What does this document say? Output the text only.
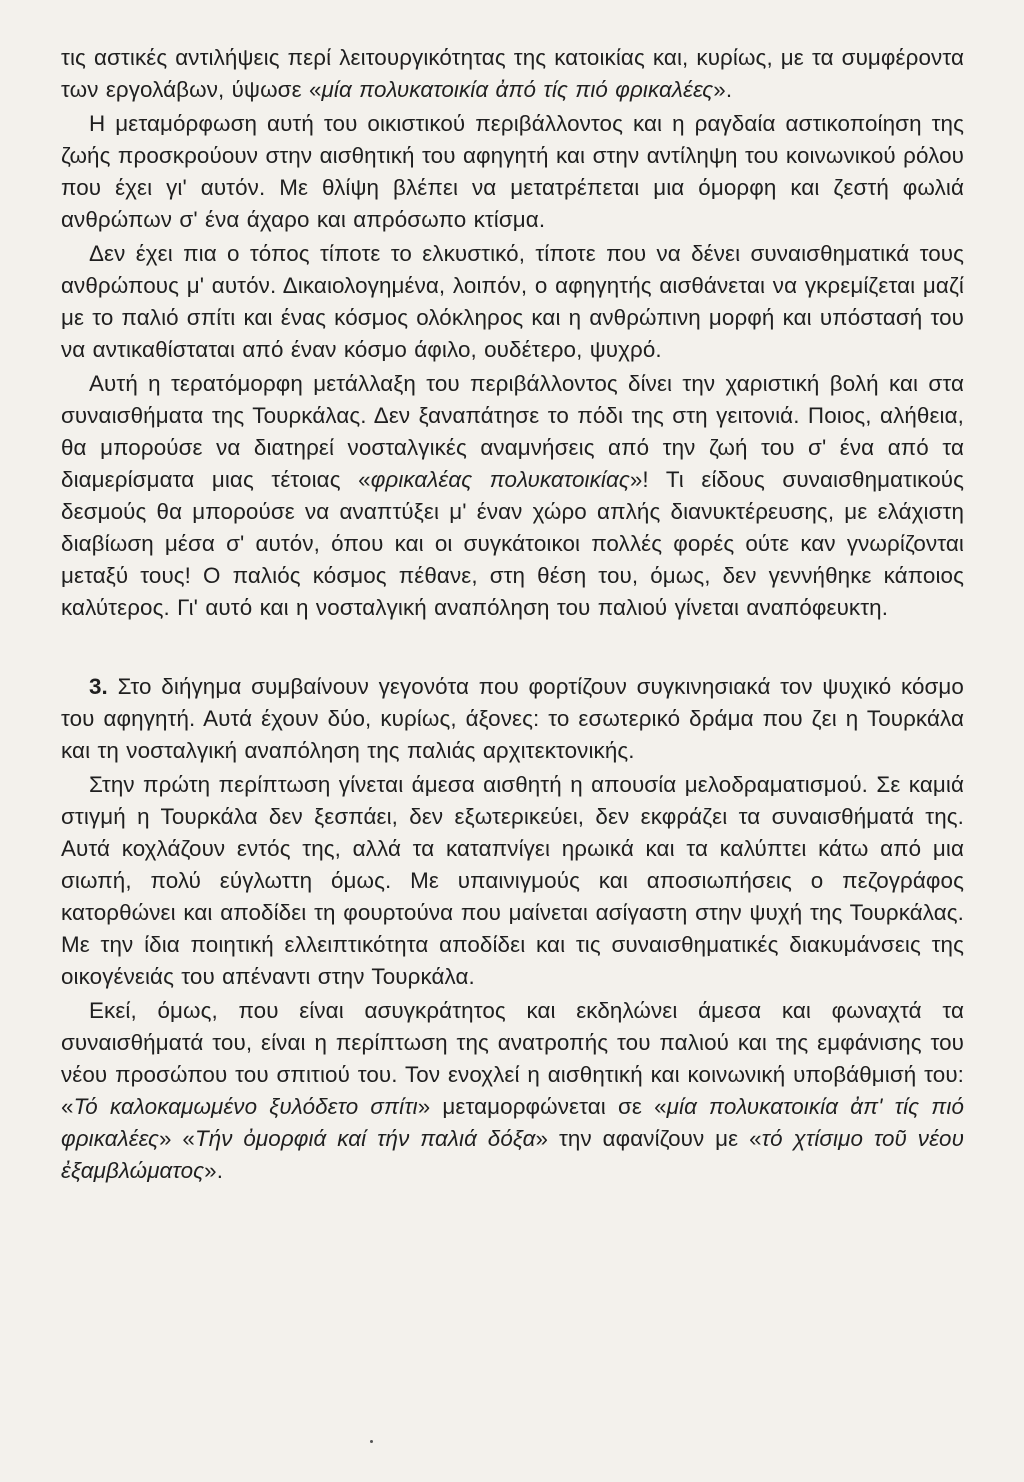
τις αστικές αντιλήψεις περί λειτουργικότητας της κατοικίας και, κυρίως, με τα συμφέροντα των εργολάβων, ύψωσε «μία πολυκατοικία ἀπό τίς πιό φρικαλέες».

Η μεταμόρφωση αυτή του οικιστικού περιβάλλοντος και η ραγδαία αστικοποίηση της ζωής προσκρούουν στην αισθητική του αφηγητή και στην αντίληψη του κοινωνικού ρόλου που έχει γι' αυτόν. Με θλίψη βλέπει να μετατρέπεται μια όμορφη και ζεστή φωλιά ανθρώπων σ' ένα άχαρο και απρόσωπο κτίσμα.

Δεν έχει πια ο τόπος τίποτε το ελκυστικό, τίποτε που να δένει συναισθηματικά τους ανθρώπους μ' αυτόν. Δικαιολογημένα, λοιπόν, ο αφηγητής αισθάνεται να γκρεμίζεται μαζί με το παλιό σπίτι και ένας κόσμος ολόκληρος και η ανθρώπινη μορφή και υπόστασή του να αντικαθίσταται από έναν κόσμο άφιλο, ουδέτερο, ψυχρό.

Αυτή η τερατόμορφη μετάλλαξη του περιβάλλοντος δίνει την χαριστική βολή και στα συναισθήματα της Τουρκάλας. Δεν ξαναπάτησε το πόδι της στη γειτονιά. Ποιος, αλήθεια, θα μπορούσε να διατηρεί νοσταλγικές αναμνήσεις από την ζωή του σ' ένα από τα διαμερίσματα μιας τέτοιας «φρικαλέας πολυκατοικίας»! Τι είδους συναισθηματικούς δεσμούς θα μπορούσε να αναπτύξει μ' έναν χώρο απλής διανυκτέρευσης, με ελάχιστη διαβίωση μέσα σ' αυτόν, όπου και οι συγκάτοικοι πολλές φορές ούτε καν γνωρίζονται μεταξύ τους! Ο παλιός κόσμος πέθανε, στη θέση του, όμως, δεν γεννήθηκε κάποιος καλύτερος. Γι' αυτό και η νοσταλγική αναπόληση του παλιού γίνεται αναπόφευκτη.

3. Στο διήγημα συμβαίνουν γεγονότα που φορτίζουν συγκινησιακά τον ψυχικό κόσμο του αφηγητή. Αυτά έχουν δύο, κυρίως, άξονες: το εσωτερικό δράμα που ζει η Τουρκάλα και τη νοσταλγική αναπόληση της παλιάς αρχιτεκτονικής.

Στην πρώτη περίπτωση γίνεται άμεσα αισθητή η απουσία μελοδραματισμού. Σε καμιά στιγμή η Τουρκάλα δεν ξεσπάει, δεν εξωτερικεύει, δεν εκφράζει τα συναισθήματά της. Αυτά κοχλάζουν εντός της, αλλά τα καταπνίγει ηρωικά και τα καλύπτει κάτω από μια σιωπή, πολύ εύγλωττη όμως. Με υπαινιγμούς και αποσιωπήσεις ο πεζογράφος κατορθώνει και αποδίδει τη φουρτούνα που μαίνεται ασίγαστη στην ψυχή της Τουρκάλας. Με την ίδια ποιητική ελλειπτικότητα αποδίδει και τις συναισθηματικές διακυμάνσεις της οικογένειάς του απέναντι στην Τουρκάλα.

Εκεί, όμως, που είναι ασυγκράτητος και εκδηλώνει άμεσα και φωναχτά τα συναισθήματά του, είναι η περίπτωση της ανατροπής του παλιού και της εμφάνισης του νέου προσώπου του σπιτιού του. Τον ενοχλεί η αισθητική και κοινωνική υποβάθμισή του: «Τό καλοκαμωμένο ξυλόδετο σπίτι» μεταμορφώνεται σε «μία πολυκατοικία ἀπ' τίς πιό φρικαλέες» «Τήν ὀμορφιά καί τήν παλιά δόξα» την αφανίζουν με «τό χτίσιμο τοῦ νέου ἐξαμβλώματος».
